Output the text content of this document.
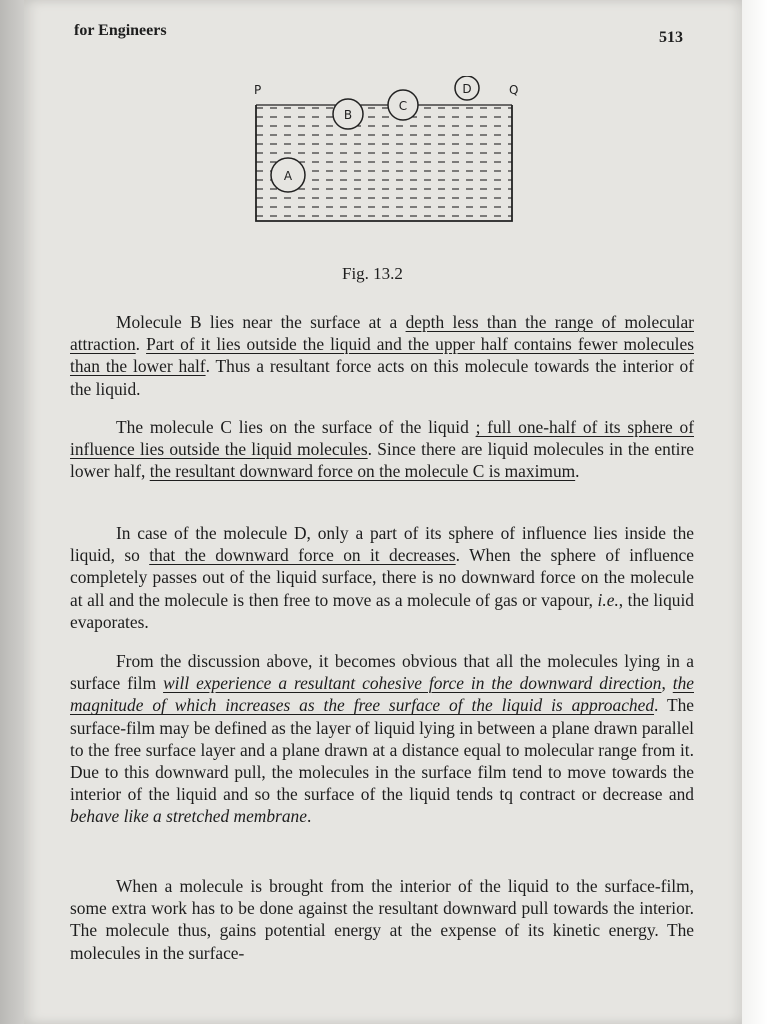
for Engineers	513
A
B
C
D
P	Q
Fig. 13.2

Molecule B lies near the surface at a depth less than the range of molecular attraction. Part of it lies outside the liquid and the upper half contains fewer molecules than the lower half. Thus a resultant force acts on this molecule towards the interior of the liquid.

The molecule C lies on the surface of the liquid ; full one-half of its sphere of influence lies outside the liquid molecules. Since there are liquid molecules in the entire lower half, the resultant downward force on the molecule C is maximum.

In case of the molecule D, only a part of its sphere of influence lies inside the liquid, so that the downward force on it decreases. When the sphere of influence completely passes out of the liquid surface, there is no downward force on the molecule at all and the molecule is then free to move as a molecule of gas or vapour, i.e., the liquid evaporates.

From the discussion above, it becomes obvious that all the molecules lying in a surface film will experience a resultant cohesive force in the downward direction, the magnitude of which increases as the free surface of the liquid is approached. The surface-film may be defined as the layer of liquid lying in between a plane drawn parallel to the free surface layer and a plane drawn at a distance equal to molecular range from it. Due to this downward pull, the molecules in the surface film tend to move towards the interior of the liquid and so the surface of the liquid tends tq contract or decrease and behave like a stretched membrane.

When a molecule is brought from the interior of the liquid to the surface-film, some extra work has to be done against the resultant downward pull towards the interior. The molecule thus, gains potential energy at the expense of its kinetic energy. The molecules in the surface-
